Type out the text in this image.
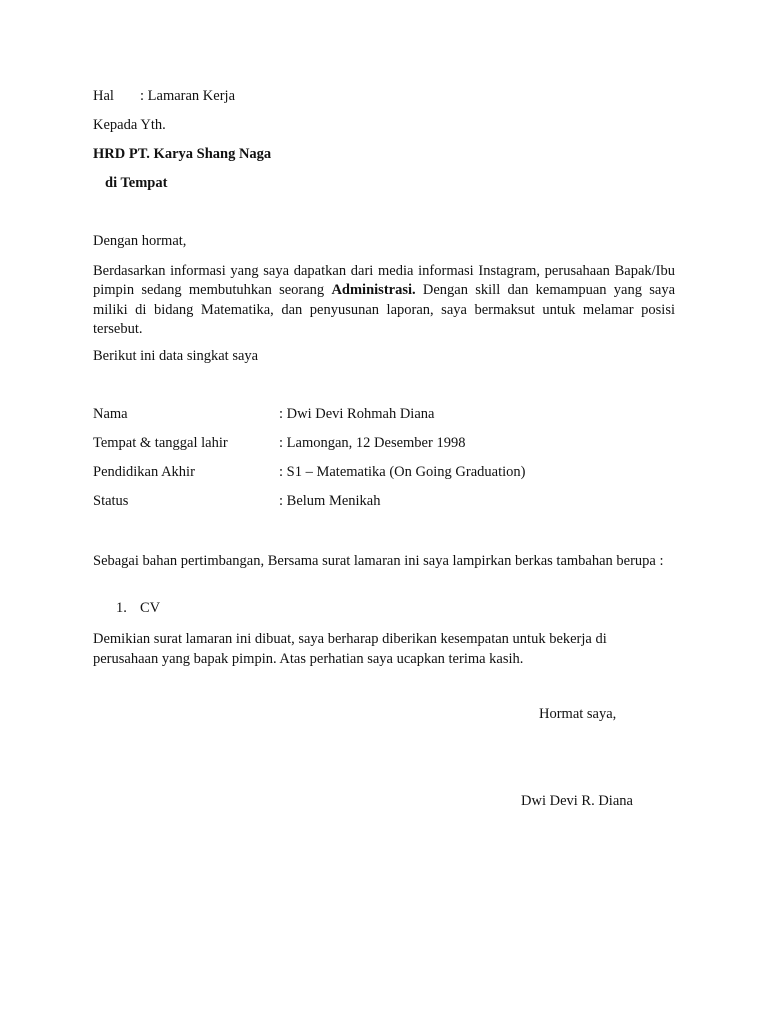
Hal : Lamaran Kerja
Kepada Yth.
HRD PT. Karya Shang Naga
di Tempat
Dengan hormat,
Berdasarkan informasi yang saya dapatkan dari media informasi Instagram, perusahaan Bapak/Ibu pimpin sedang membutuhkan seorang Administrasi. Dengan skill dan kemampuan yang saya miliki di bidang Matematika, dan penyusunan laporan, saya bermaksut untuk melamar posisi tersebut.
Berikut ini data singkat saya
Nama	: Dwi Devi Rohmah Diana
Tempat & tanggal lahir	: Lamongan, 12 Desember 1998
Pendidikan Akhir	: S1 – Matematika (On Going Graduation)
Status	: Belum Menikah
Sebagai bahan pertimbangan, Bersama surat lamaran ini saya lampirkan berkas tambahan berupa :
1. CV
Demikian surat lamaran ini dibuat, saya berharap diberikan kesempatan untuk bekerja di perusahaan yang bapak pimpin. Atas perhatian saya ucapkan terima kasih.
Hormat saya,
Dwi Devi R. Diana
